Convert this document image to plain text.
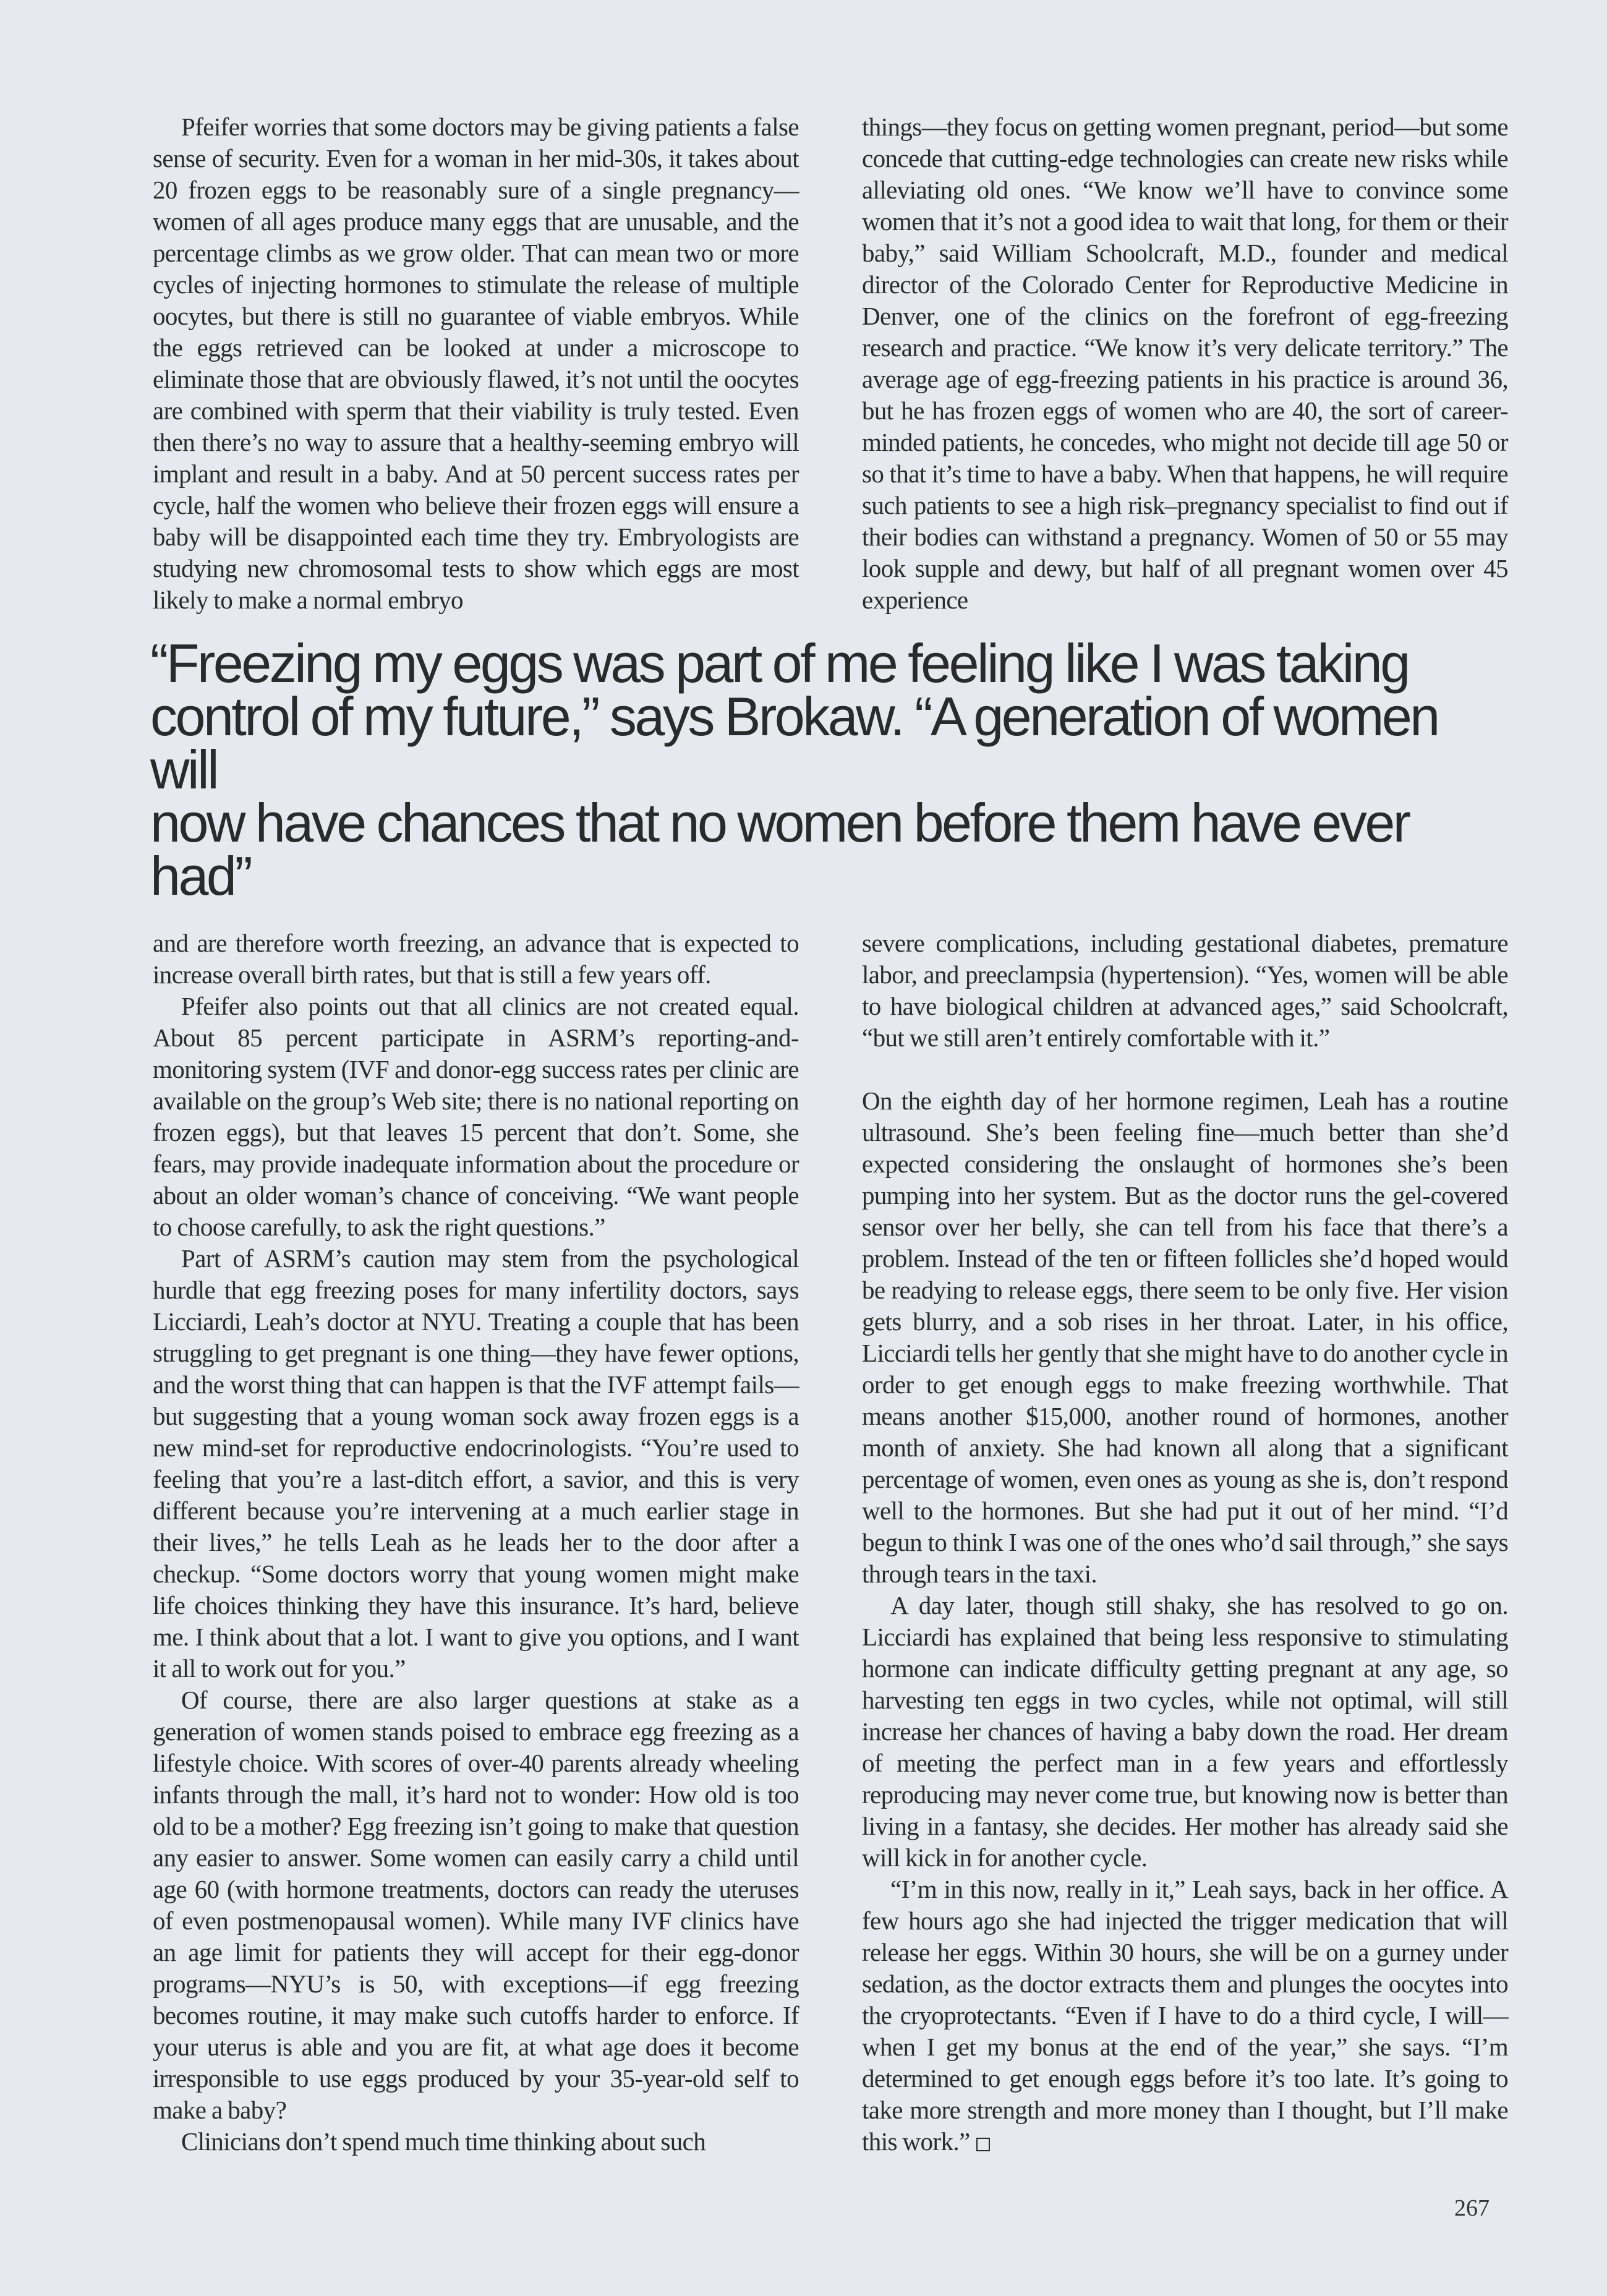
Pfeifer worries that some doctors may be giving patients a false sense of security. Even for a woman in her mid-30s, it takes about 20 frozen eggs to be reasonably sure of a single pregnancy—women of all ages produce many eggs that are unusable, and the percentage climbs as we grow older. That can mean two or more cycles of injecting hormones to stimulate the release of multiple oocytes, but there is still no guarantee of viable embryos. While the eggs retrieved can be looked at under a microscope to eliminate those that are obviously flawed, it’s not until the oocytes are combined with sperm that their viability is truly tested. Even then there’s no way to assure that a healthy-seeming embryo will implant and result in a baby. And at 50 percent success rates per cycle, half the women who believe their frozen eggs will ensure a baby will be disappointed each time they try. Embryologists are studying new chromosomal tests to show which eggs are most likely to make a normal embryo

things—they focus on getting women pregnant, period—but some concede that cutting-edge technologies can create new risks while alleviating old ones. “We know we’ll have to convince some women that it’s not a good idea to wait that long, for them or their baby,” said William Schoolcraft, M.D., founder and medical director of the Colorado Center for Reproductive Medicine in Denver, one of the clinics on the forefront of egg-freezing research and practice. “We know it’s very delicate territory.” The average age of egg-freezing patients in his practice is around 36, but he has frozen eggs of women who are 40, the sort of career-minded patients, he concedes, who might not decide till age 50 or so that it’s time to have a baby. When that happens, he will require such patients to see a high risk–pregnancy specialist to find out if their bodies can withstand a pregnancy. Women of 50 or 55 may look supple and dewy, but half of all pregnant women over 45 experience

“Freezing my eggs was part of me feeling like I was taking
control of my future,” says Brokaw. “A generation of women will
now have chances that no women before them have ever had”

and are therefore worth freezing, an advance that is expected to increase overall birth rates, but that is still a few years off.

Pfeifer also points out that all clinics are not created equal. About 85 percent participate in ASRM’s reporting-and-monitoring system (IVF and donor-egg success rates per clinic are available on the group’s Web site; there is no national reporting on frozen eggs), but that leaves 15 percent that don’t. Some, she fears, may provide inadequate information about the procedure or about an older woman’s chance of conceiving. “We want people to choose carefully, to ask the right questions.”

Part of ASRM’s caution may stem from the psychological hurdle that egg freezing poses for many infertility doctors, says Licciardi, Leah’s doctor at NYU. Treating a couple that has been struggling to get pregnant is one thing—they have fewer options, and the worst thing that can happen is that the IVF attempt fails—but suggesting that a young woman sock away frozen eggs is a new mind-set for reproductive endocrinologists. “You’re used to feeling that you’re a last-ditch effort, a savior, and this is very different because you’re intervening at a much earlier stage in their lives,” he tells Leah as he leads her to the door after a checkup. “Some doctors worry that young women might make life choices thinking they have this insurance. It’s hard, believe me. I think about that a lot. I want to give you options, and I want it all to work out for you.”

Of course, there are also larger questions at stake as a generation of women stands poised to embrace egg freezing as a lifestyle choice. With scores of over-40 parents already wheeling infants through the mall, it’s hard not to wonder: How old is too old to be a mother? Egg freezing isn’t going to make that question any easier to answer. Some women can easily carry a child until age 60 (with hormone treatments, doctors can ready the uteruses of even postmenopausal women). While many IVF clinics have an age limit for patients they will accept for their egg-donor programs—NYU’s is 50, with exceptions—if egg freezing becomes routine, it may make such cutoffs harder to enforce. If your uterus is able and you are fit, at what age does it become irresponsible to use eggs produced by your 35-year-old self to make a baby?

Clinicians don’t spend much time thinking about such

severe complications, including gestational diabetes, premature labor, and preeclampsia (hypertension). “Yes, women will be able to have biological children at advanced ages,” said Schoolcraft, “but we still aren’t entirely comfortable with it.”

On the eighth day of her hormone regimen, Leah has a routine ultrasound. She’s been feeling fine—much better than she’d expected considering the onslaught of hormones she’s been pumping into her system. But as the doctor runs the gel-covered sensor over her belly, she can tell from his face that there’s a problem. Instead of the ten or fifteen follicles she’d hoped would be readying to release eggs, there seem to be only five. Her vision gets blurry, and a sob rises in her throat. Later, in his office, Licciardi tells her gently that she might have to do another cycle in order to get enough eggs to make freezing worthwhile. That means another $15,000, another round of hormones, another month of anxiety. She had known all along that a significant percentage of women, even ones as young as she is, don’t respond well to the hormones. But she had put it out of her mind. “I’d begun to think I was one of the ones who’d sail through,” she says through tears in the taxi.

A day later, though still shaky, she has resolved to go on. Licciardi has explained that being less responsive to stimulating hormone can indicate difficulty getting pregnant at any age, so harvesting ten eggs in two cycles, while not optimal, will still increase her chances of having a baby down the road. Her dream of meeting the perfect man in a few years and effortlessly reproducing may never come true, but knowing now is better than living in a fantasy, she decides. Her mother has already said she will kick in for another cycle.

“I’m in this now, really in it,” Leah says, back in her office. A few hours ago she had injected the trigger medication that will release her eggs. Within 30 hours, she will be on a gurney under sedation, as the doctor extracts them and plunges the oocytes into the cryoprotectants. “Even if I have to do a third cycle, I will—when I get my bonus at the end of the year,” she says. “I’m determined to get enough eggs before it’s too late. It’s going to take more strength and more money than I thought, but I’ll make this work.”

267
